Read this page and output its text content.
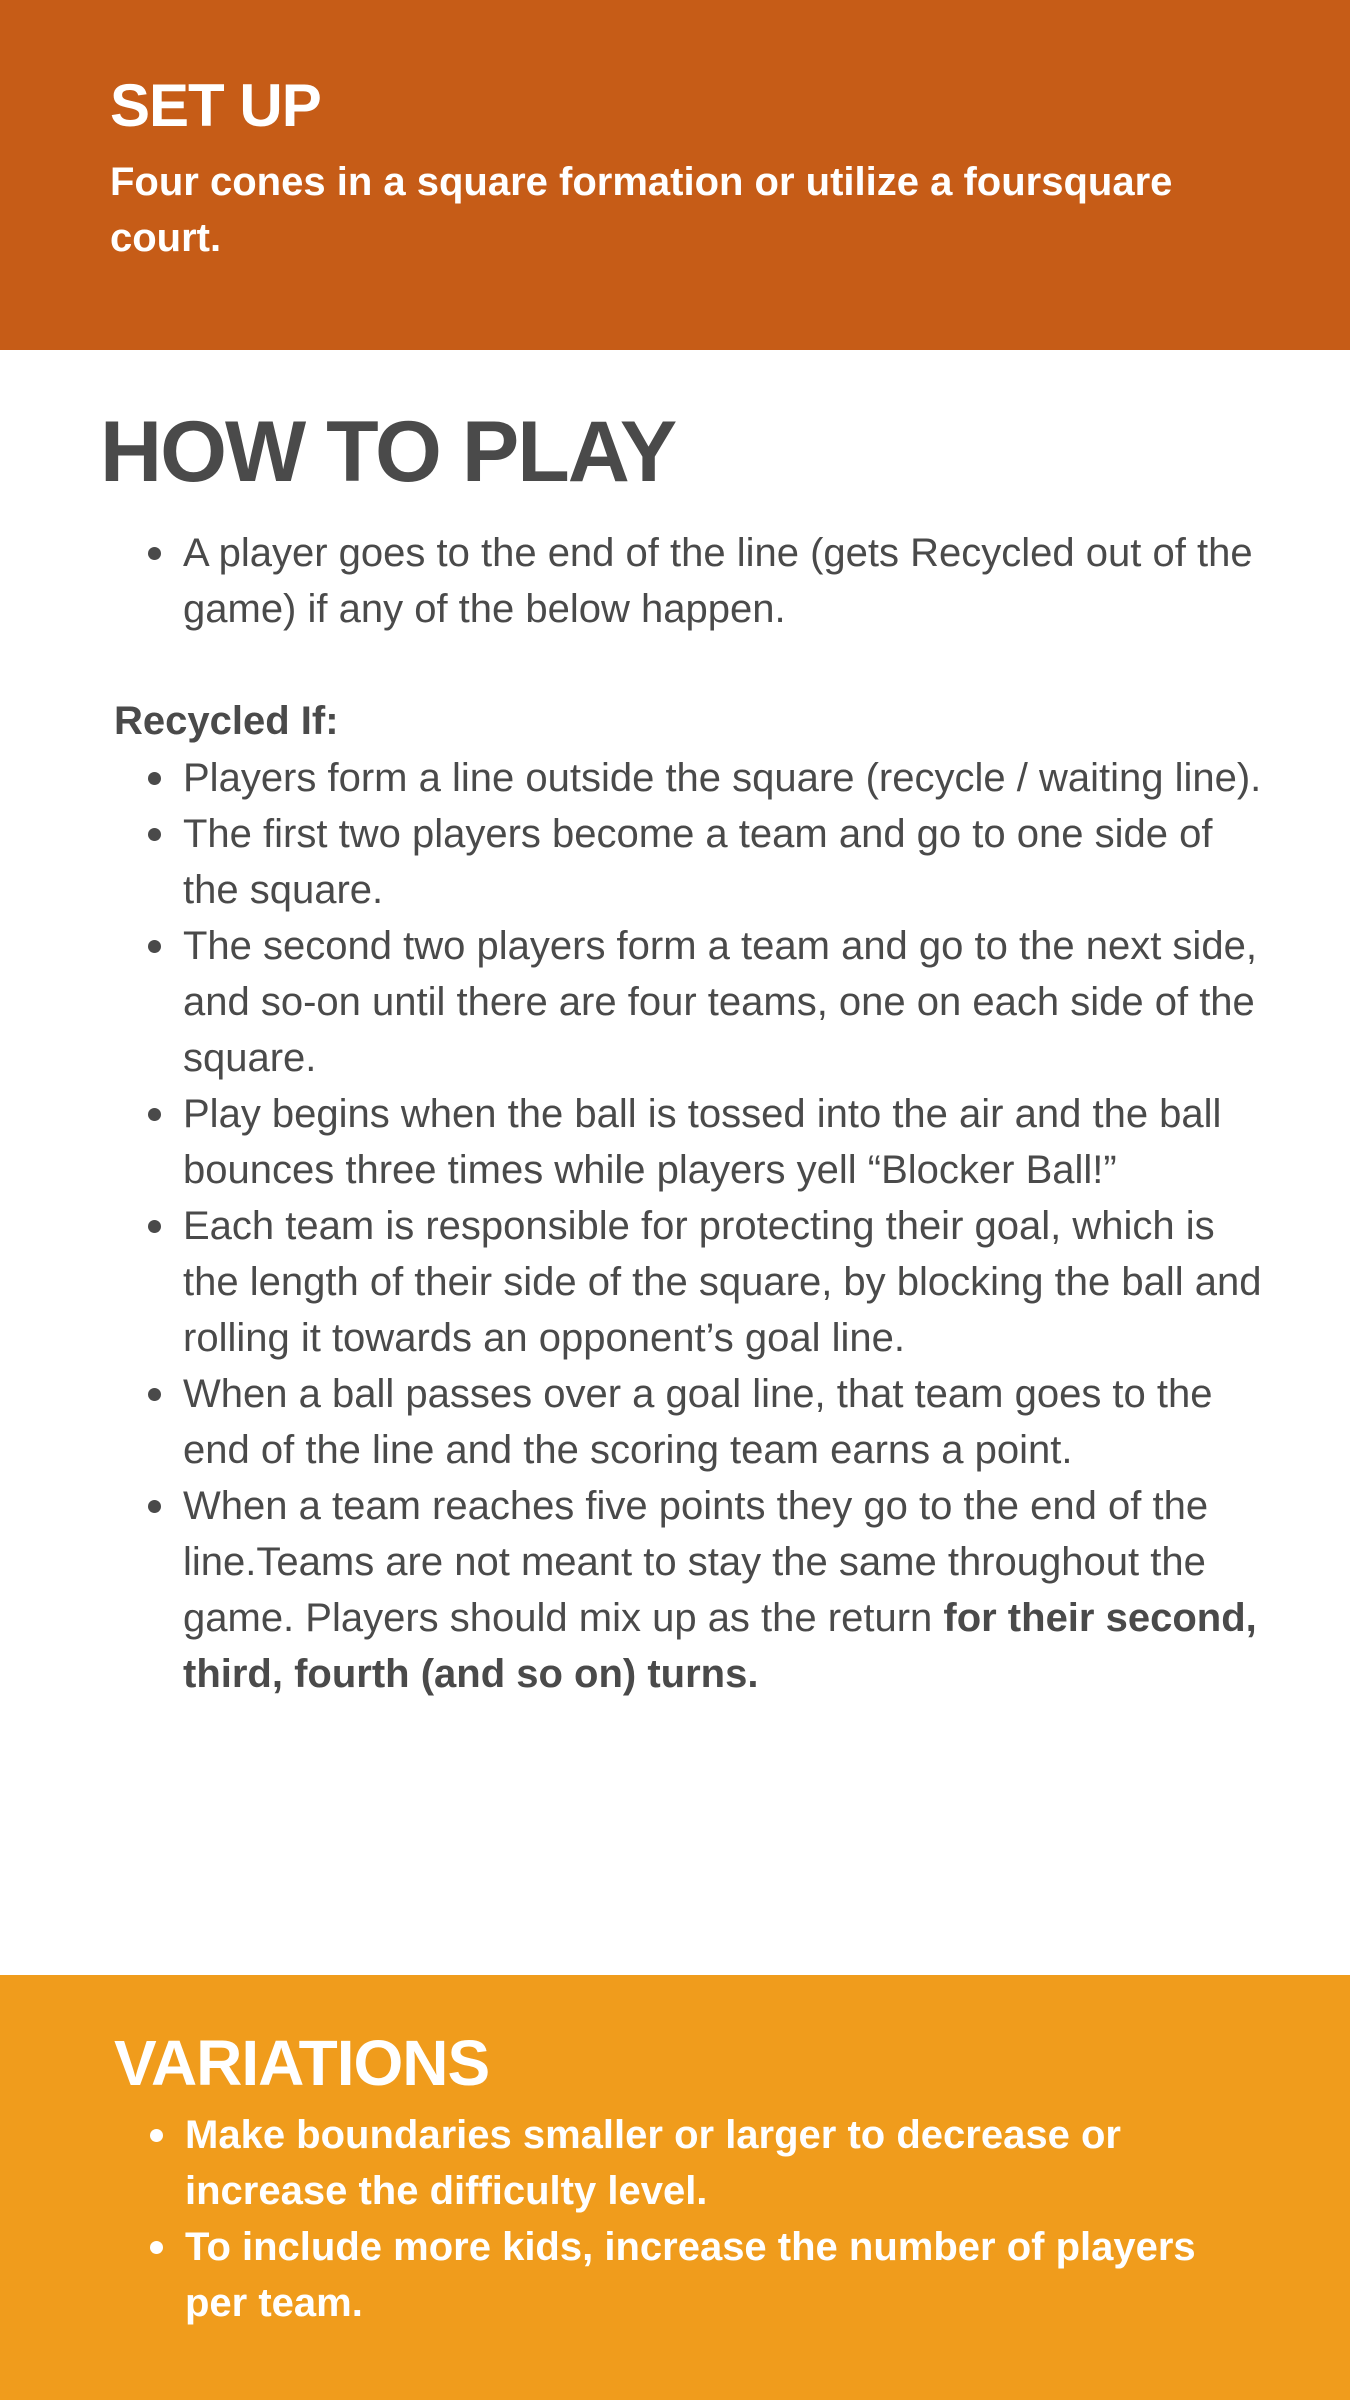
SET UP

Four cones in a square formation or utilize a foursquare court.

HOW TO PLAY
A player goes to the end of the line (gets Recycled out of the game) if any of the below happen.
Recycled If:
Players form a line outside the square (recycle / waiting line).
The first two players become a team and go to one side of the square.
The second two players form a team and go to the next side, and so-on until there are four teams, one on each side of the square.
Play begins when the ball is tossed into the air and the ball bounces three times while players yell “Blocker Ball!”
Each team is responsible for protecting their goal, which is the length of their side of the square, by blocking the ball and rolling it towards an opponent’s goal line.
When a ball passes over a goal line, that team goes to the end of the line and the scoring team earns a point.
When a team reaches five points they go to the end of the line.Teams are not meant to stay the same throughout the game. Players should mix up as the return for their second, third, fourth (and so on) turns.
VARIATIONS
Make boundaries smaller or larger to decrease or increase the difficulty level.
To include more kids, increase the number of players per team.
